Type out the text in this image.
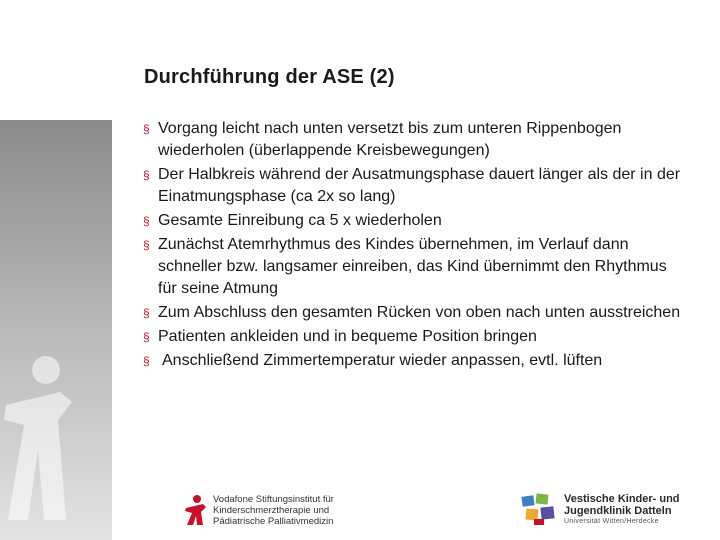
Durchführung der ASE (2)
§ Vorgang leicht nach unten versetzt bis zum unteren Rippenbogen wiederholen (überlappende Kreisbewegungen)
§ Der Halbkreis während der Ausatmungsphase dauert länger als der in der Einatmungsphase (ca 2x so lang)
§ Gesamte Einreibung ca 5 x wiederholen
§ Zunächst Atemrhythmus des Kindes übernehmen, im Verlauf dann schneller bzw. langsamer einreiben, das Kind übernimmt den Rhythmus für seine Atmung
§ Zum Abschluss den gesamten Rücken von oben nach unten ausstreichen
§ Patienten ankleiden und in bequeme Position bringen
§ Anschließend Zimmertemperatur wieder anpassen, evtl. lüften
Vodafone Stiftungsinstitut für
Kinderschmerztherapie und
Pädiatrische Palliativmedizin
Vestische Kinder- und
Jugendklinik Datteln
Universität Witten/Herdecke
